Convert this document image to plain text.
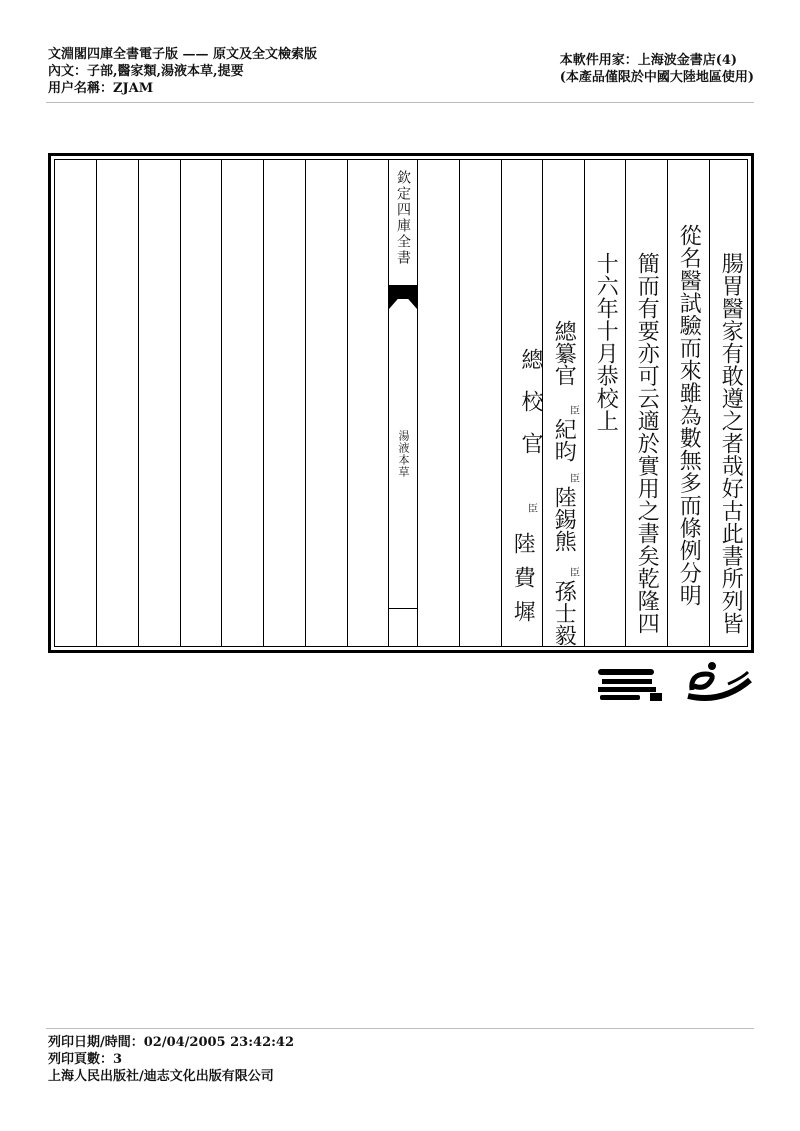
文淵閣四庫全書電子版 —— 原文及全文檢索版
內文：子部,醫家類,湯液本草,提要
用户名稱：ZJAM
本軟件用家：上海波金書店(4)
(本產品僅限於中國大陸地區使用)
欽定四庫全書
湯液本草	腸胃醫家有敢遵之者哉好古此書所列皆
從名醫試驗而來雖為數無多而條例分明
簡而有要亦可云適於實用之書矣乾隆四
十六年十月恭校上
總纂官
臣
紀昀
臣
陸錫熊
臣
孫士毅
總校官
臣
陸費墀
列印日期/時間：02/04/2005 23:42:42
列印頁數：3
上海人民出版社/迪志文化出版有限公司
